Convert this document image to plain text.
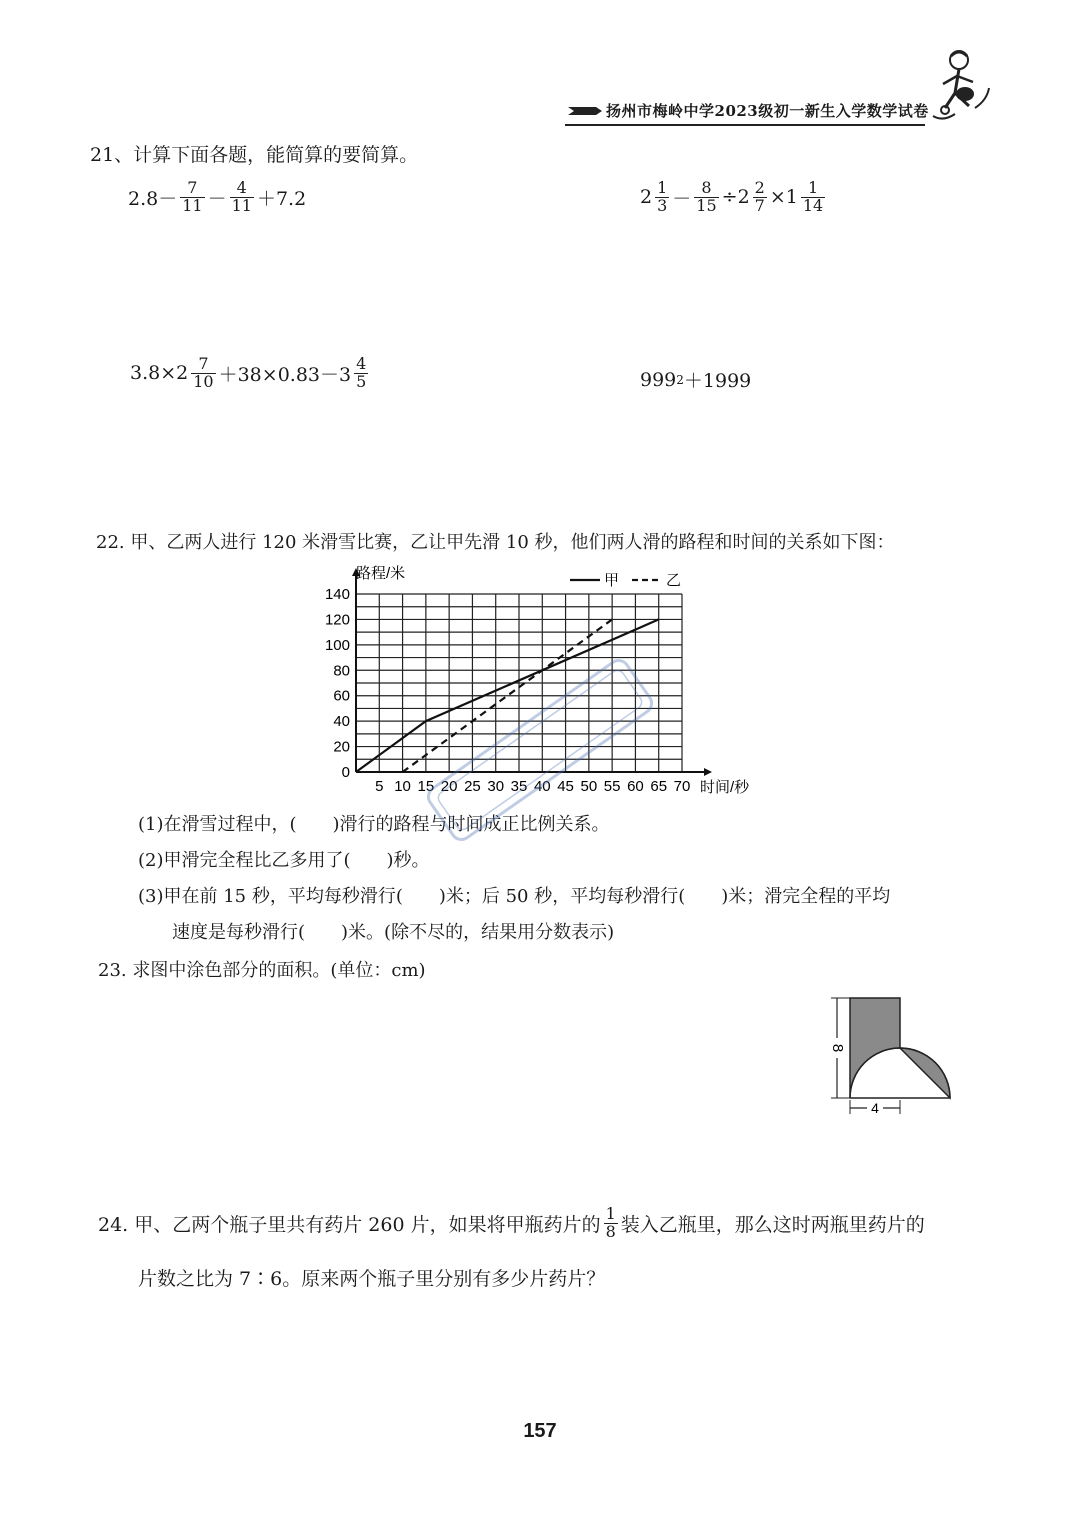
扬州市梅岭中学2023级初一新生入学数学试卷
21、计算下面各题，能简算的要简算。
$2.8- \frac{7}{11} - \frac{4}{11} +7.2$	$2 \frac{1}{3} - \frac{8}{15} \div 2 \frac{2}{7} \times 1 \frac{1}{14}$
$3.8\times 2 \frac{7}{10} +38\times 0.83-3 \frac{4}{5}$	999 2 ＋1999
22. 甲、乙两人进行 120 米滑雪比赛，乙让甲先滑 10 秒，他们两人滑的路程和时间的关系如下图：
0
20
40
60
80
100
120
140
5 10 15 20 25 30 35 40 45 50 55 60 65 70
甲	乙
路程/米
时间/秒
(1)在滑雪过程中，(　　)滑行的路程与时间成正比例关系。
(2)甲滑完全程比乙多用了(　　)秒。
(3)甲在前 15 秒，平均每秒滑行(　　)米；后 50 秒，平均每秒滑行(　　)米；滑完全程的平均
速度是每秒滑行(　　)米。(除不尽的，结果用分数表示)
23. 求图中涂色部分的面积。(单位：cm)
8
4
24. 甲、乙两个瓶子里共有药片 260 片，如果将甲瓶药片的 $\frac{1}{8}$ 装入乙瓶里，那么这时两瓶里药片的
片数之比为 7∶6。原来两个瓶子里分别有多少片药片？
157
